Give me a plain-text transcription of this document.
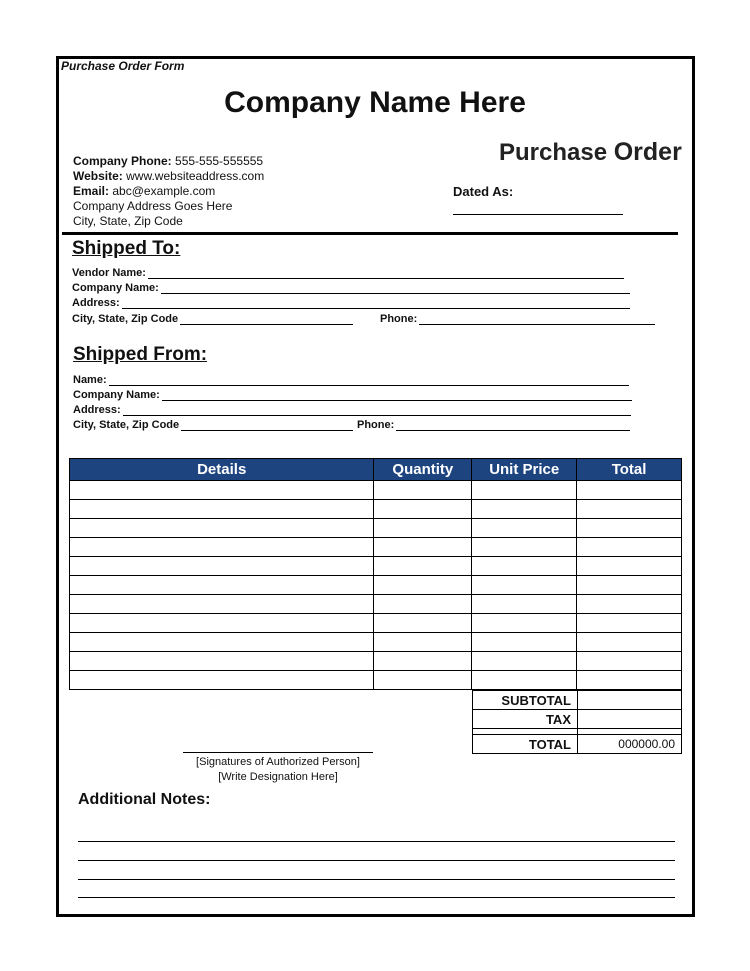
Purchase Order Form
Company Name Here
Purchase Order
Company Phone: 555-555-555555
Website: www.websiteaddress.com
Email: abc@example.com
Company Address Goes Here
City, State, Zip Code
Dated As:
Shipped To:
Vendor Name:
Company Name:
Address:
City, State, Zip Code	Phone:
Shipped From:
Name:
Company Name:
Address:
City, State, Zip Code	Phone:
Details	Quantity	Unit Price	Total

SUBTOTAL	
TAX	

TOTAL	000000.00
[Signatures of Authorized Person]
[Write Designation Here]
Additional Notes:
